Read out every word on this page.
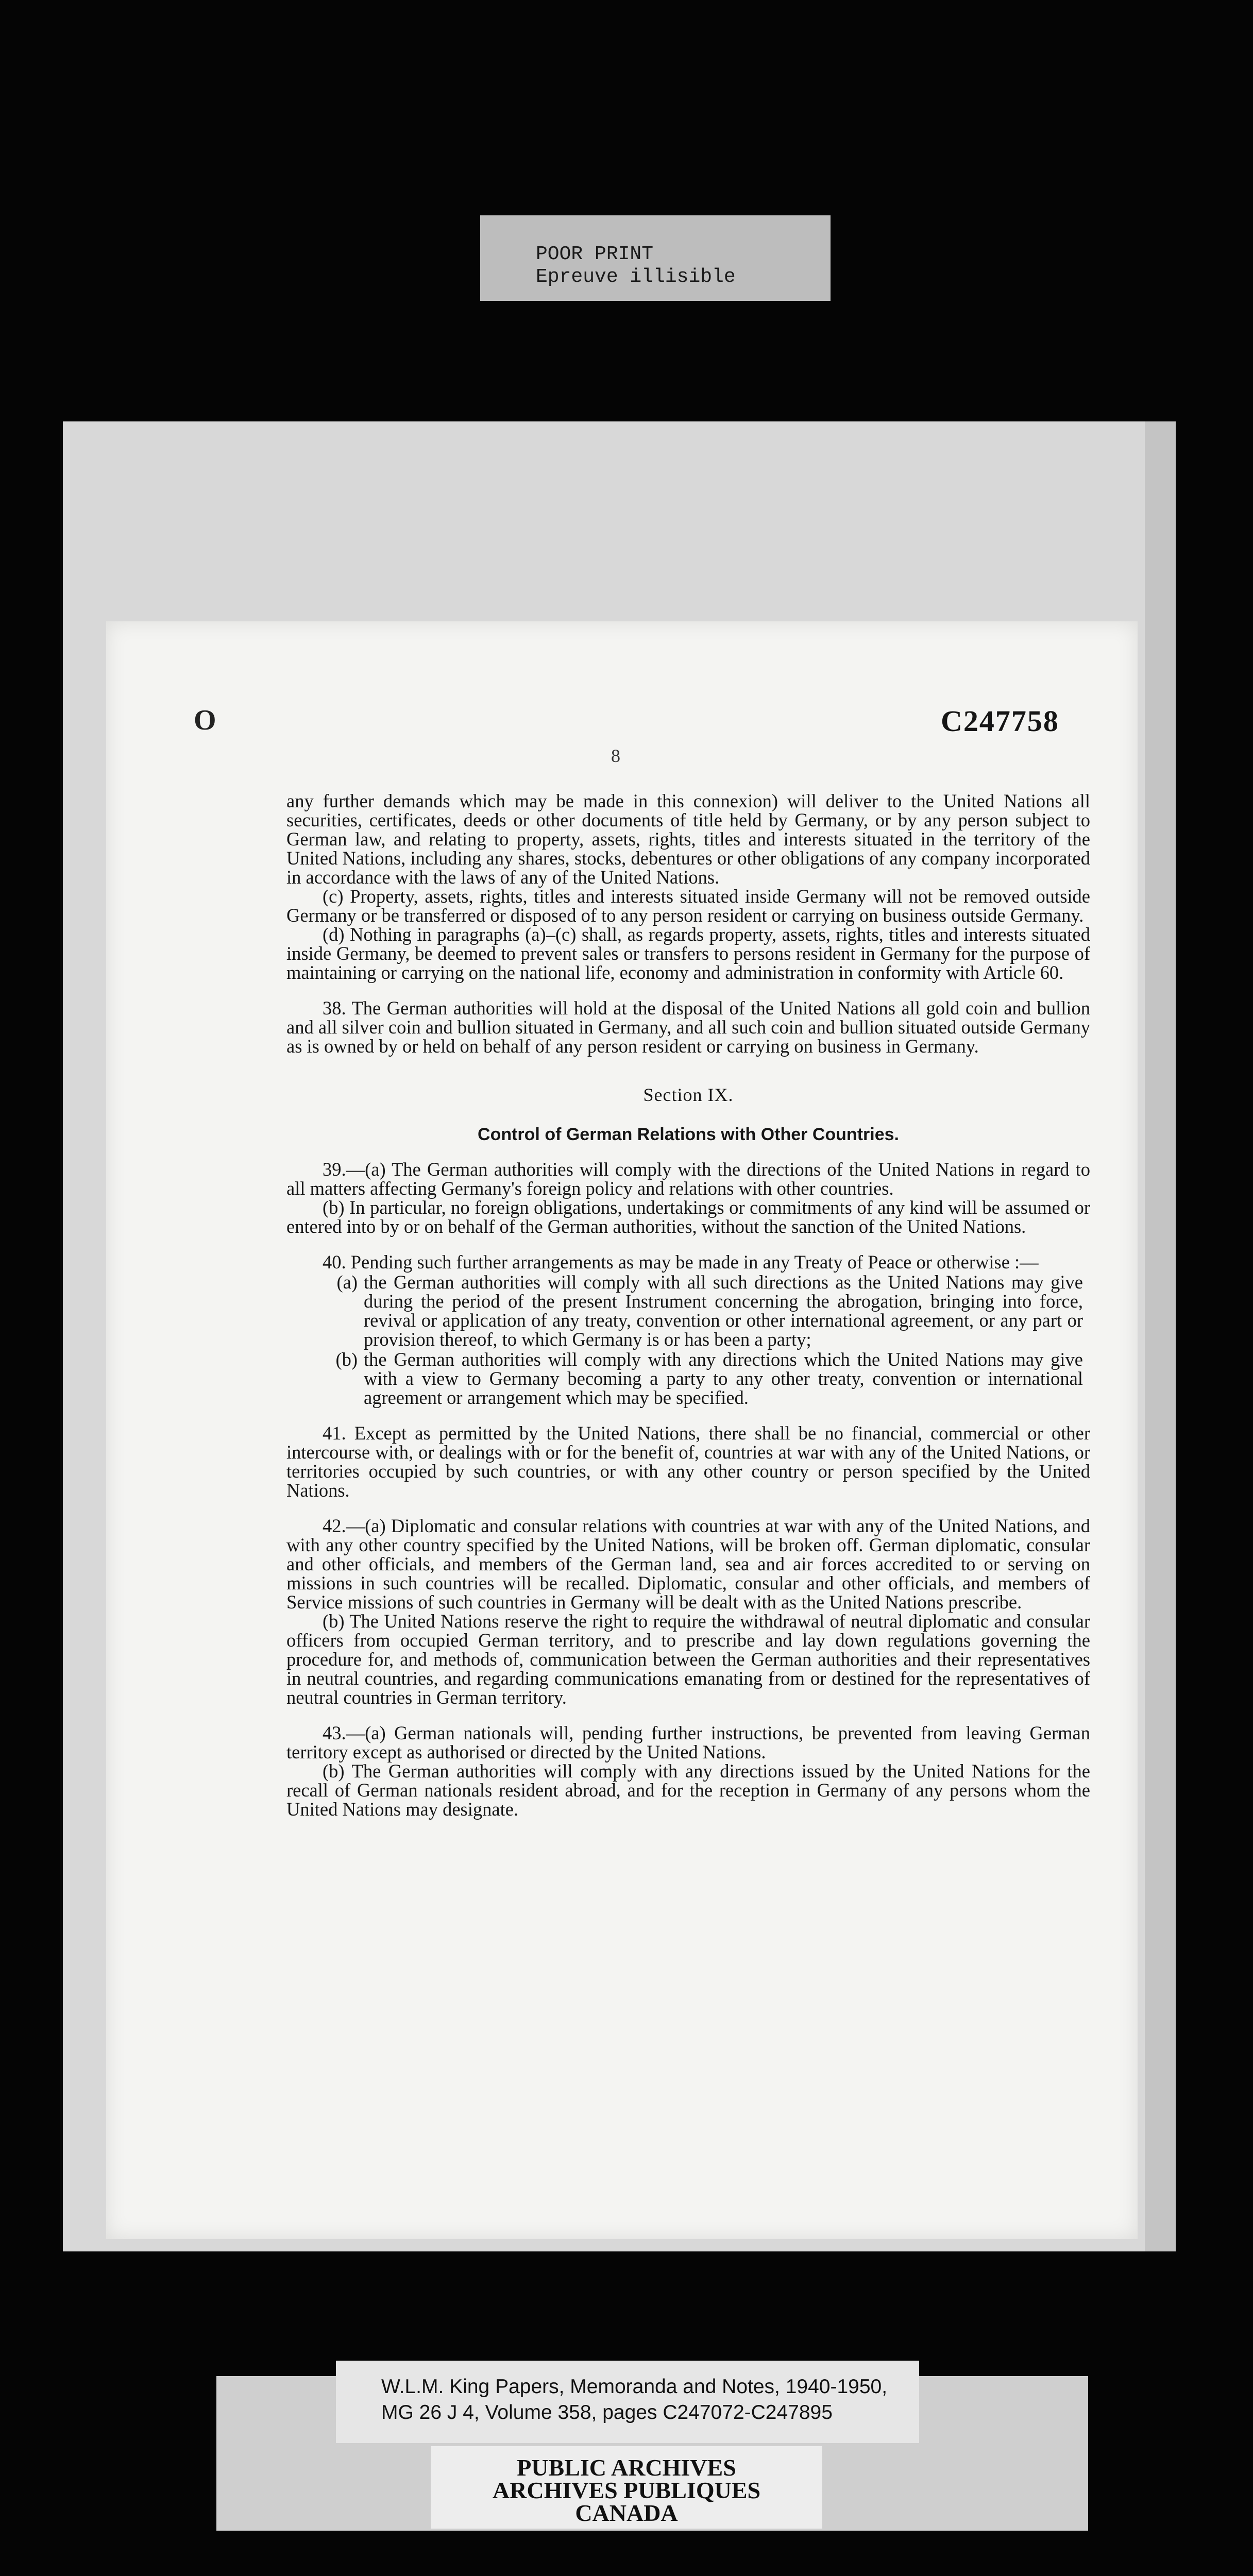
POOR PRINT
Epreuve illisible
O	C247758
8

any further demands which may be made in this connexion) will deliver to the United Nations all securities, certificates, deeds or other documents of title held by Germany, or by any person subject to German law, and relating to property, assets, rights, titles and interests situated in the territory of the United Nations, including any shares, stocks, debentures or other obligations of any company incorporated in accordance with the laws of any of the United Nations.

(c) Property, assets, rights, titles and interests situated inside Germany will not be removed outside Germany or be transferred or disposed of to any person resident or carrying on business outside Germany.

(d) Nothing in paragraphs (a)–(c) shall, as regards property, assets, rights, titles and interests situated inside Germany, be deemed to prevent sales or transfers to persons resident in Germany for the purpose of maintaining or carrying on the national life, economy and administration in conformity with Article 60.

38. The German authorities will hold at the disposal of the United Nations all gold coin and bullion and all silver coin and bullion situated in Germany, and all such coin and bullion situated outside Germany as is owned by or held on behalf of any person resident or carrying on business in Germany.

Section IX.
Control of German Relations with Other Countries.

39.—(a) The German authorities will comply with the directions of the United Nations in regard to all matters affecting Germany's foreign policy and relations with other countries.

(b) In particular, no foreign obligations, undertakings or commitments of any kind will be assumed or entered into by or on behalf of the German authorities, without the sanction of the United Nations.

40. Pending such further arrangements as may be made in any Treaty of Peace or otherwise :—

(a) the German authorities will comply with all such directions as the United Nations may give during the period of the present Instrument concerning the abrogation, bringing into force, revival or application of any treaty, convention or other international agreement, or any part or provision thereof, to which Germany is or has been a party;
(b) the German authorities will comply with any directions which the United Nations may give with a view to Germany becoming a party to any other treaty, convention or international agreement or arrangement which may be specified.

41. Except as permitted by the United Nations, there shall be no financial, commercial or other intercourse with, or dealings with or for the benefit of, countries at war with any of the United Nations, or territories occupied by such countries, or with any other country or person specified by the United Nations.

42.—(a) Diplomatic and consular relations with countries at war with any of the United Nations, and with any other country specified by the United Nations, will be broken off. German diplomatic, consular and other officials, and members of the German land, sea and air forces accredited to or serving on missions in such countries will be recalled. Diplomatic, consular and other officials, and members of Service missions of such countries in Germany will be dealt with as the United Nations prescribe.

(b) The United Nations reserve the right to require the withdrawal of neutral diplomatic and consular officers from occupied German territory, and to prescribe and lay down regulations governing the procedure for, and methods of, communication between the German authorities and their representatives in neutral countries, and regarding communications emanating from or destined for the representatives of neutral countries in German territory.

43.—(a) German nationals will, pending further instructions, be prevented from leaving German territory except as authorised or directed by the United Nations.

(b) The German authorities will comply with any directions issued by the United Nations for the recall of German nationals resident abroad, and for the reception in Germany of any persons whom the United Nations may designate.

W.L.M. King Papers, Memoranda and Notes, 1940-1950,
MG 26 J 4, Volume 358, pages C247072-C247895
PUBLIC ARCHIVES
ARCHIVES PUBLIQUES
CANADA
